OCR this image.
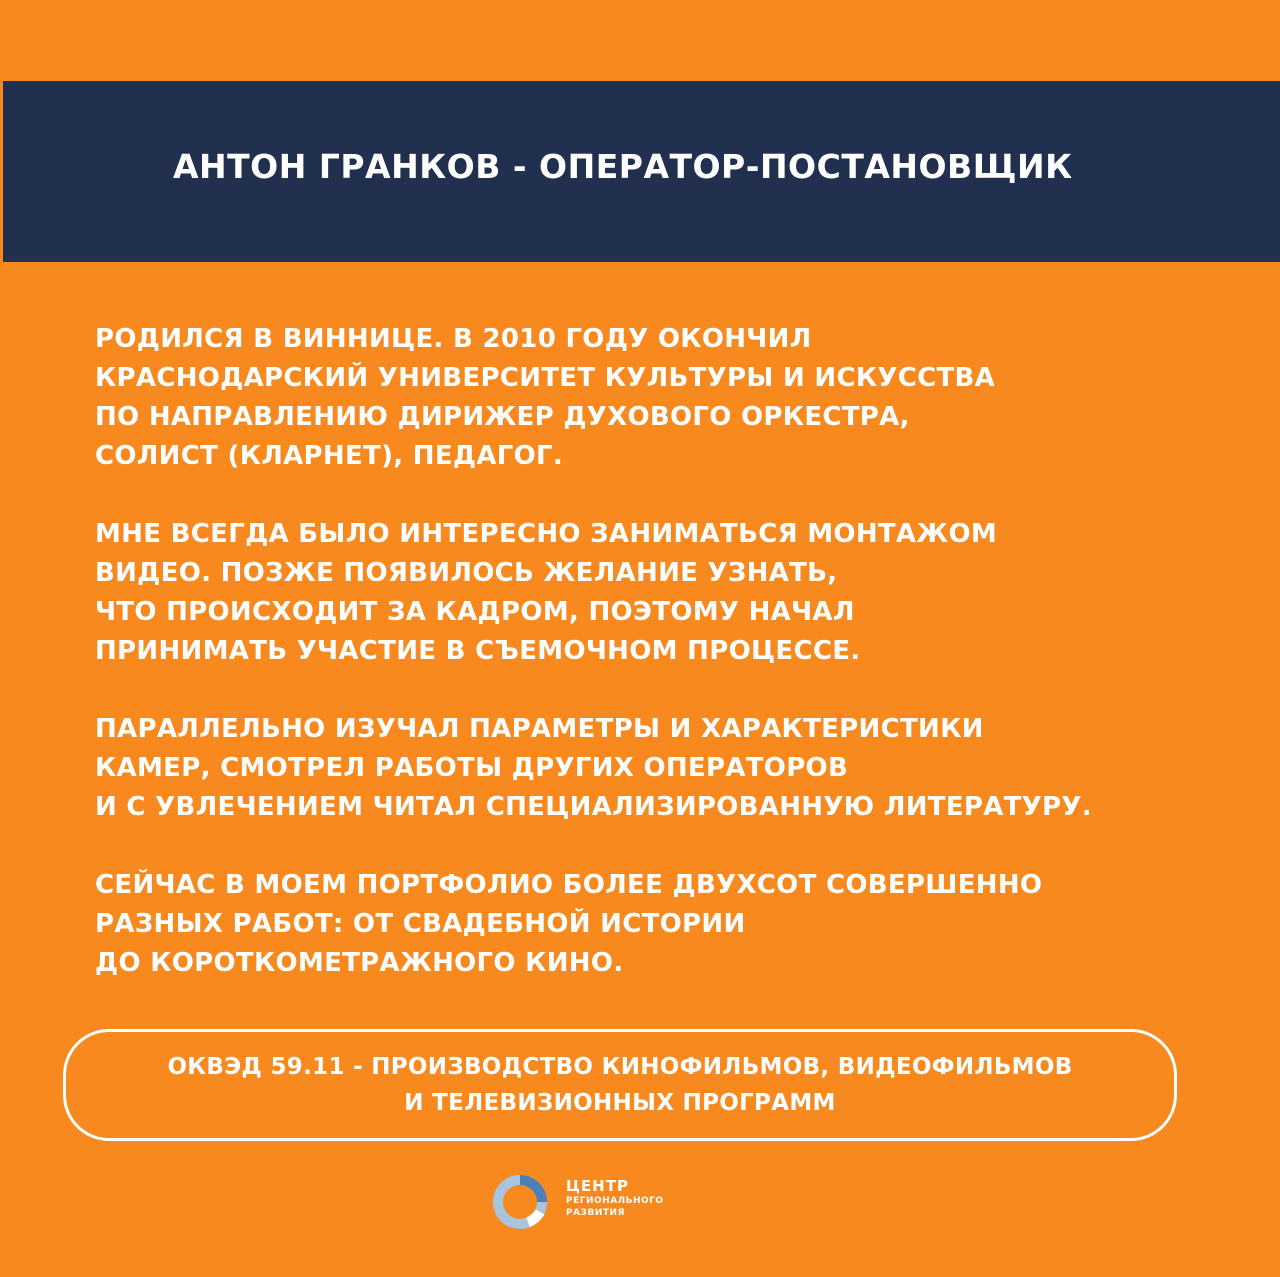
АНТОН ГРАНКОВ - ОПЕРАТОР-ПОСТАНОВЩИК

РОДИЛСЯ В ВИННИЦЕ. В 2010 ГОДУ ОКОНЧИЛ
КРАСНОДАРСКИЙ УНИВЕРСИТЕТ КУЛЬТУРЫ И ИСКУССТВА
ПО НАПРАВЛЕНИЮ ДИРИЖЕР ДУХОВОГО ОРКЕСТРА,
СОЛИСТ (КЛАРНЕТ), ПЕДАГОГ.

МНЕ ВСЕГДА БЫЛО ИНТЕРЕСНО ЗАНИМАТЬСЯ МОНТАЖОМ
ВИДЕО. ПОЗЖЕ ПОЯВИЛОСЬ ЖЕЛАНИЕ УЗНАТЬ,
ЧТО ПРОИСХОДИТ ЗА КАДРОМ, ПОЭТОМУ НАЧАЛ
ПРИНИМАТЬ УЧАСТИЕ В СЪЕМОЧНОМ ПРОЦЕССЕ.

ПАРАЛЛЕЛЬНО ИЗУЧАЛ ПАРАМЕТРЫ И ХАРАКТЕРИСТИКИ
КАМЕР, СМОТРЕЛ РАБОТЫ ДРУГИХ ОПЕРАТОРОВ
И С УВЛЕЧЕНИЕМ ЧИТАЛ СПЕЦИАЛИЗИРОВАННУЮ ЛИТЕРАТУРУ.

СЕЙЧАС В МОЕМ ПОРТФОЛИО БОЛЕЕ ДВУХСОТ СОВЕРШЕННО
РАЗНЫХ РАБОТ: ОТ СВАДЕБНОЙ ИСТОРИИ
ДО КОРОТКОМЕТРАЖНОГО КИНО.

ОКВЭД 59.11 - ПРОИЗВОДСТВО КИНОФИЛЬМОВ, ВИДЕОФИЛЬМОВ
И ТЕЛЕВИЗИОННЫХ ПРОГРАММ
ЦЕНТР
РЕГИОНАЛЬНОГО
РАЗВИТИЯ
